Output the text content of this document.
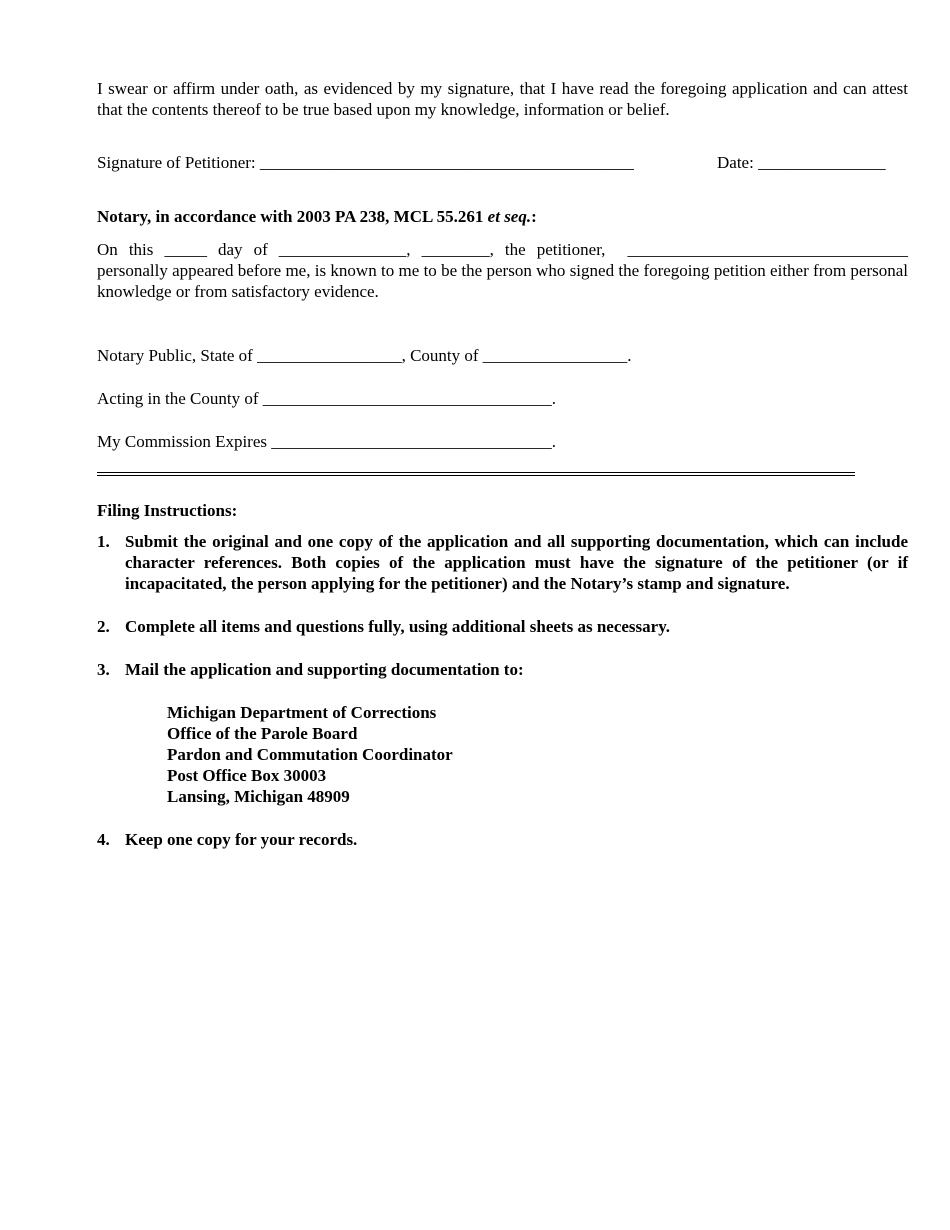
I swear or affirm under oath, as evidenced by my signature, that I have read the foregoing application and can attest that the contents thereof to be true based upon my knowledge, information or belief.

Signature of Petitioner: ____________________________________________	Date: _______________
Notary, in accordance with 2003 PA 238, MCL 55.261 et seq.:
On this _____ day of _______________, ________, the petitioner, _________________________________ personally appeared before me, is known to me to be the person who signed the foregoing petition either from personal knowledge or from satisfactory evidence.
Notary Public, State of _________________, County of _________________.
Acting in the County of __________________________________.
My Commission Expires _________________________________.
Filing Instructions:
1. Submit the original and one copy of the application and all supporting documentation, which can include character references. Both copies of the application must have the signature of the petitioner (or if incapacitated, the person applying for the petitioner) and the Notary’s stamp and signature.
2. Complete all items and questions fully, using additional sheets as necessary.
3. Mail the application and supporting documentation to:
Michigan Department of Corrections
Office of the Parole Board
Pardon and Commutation Coordinator
Post Office Box 30003
Lansing, Michigan 48909
4. Keep one copy for your records.
